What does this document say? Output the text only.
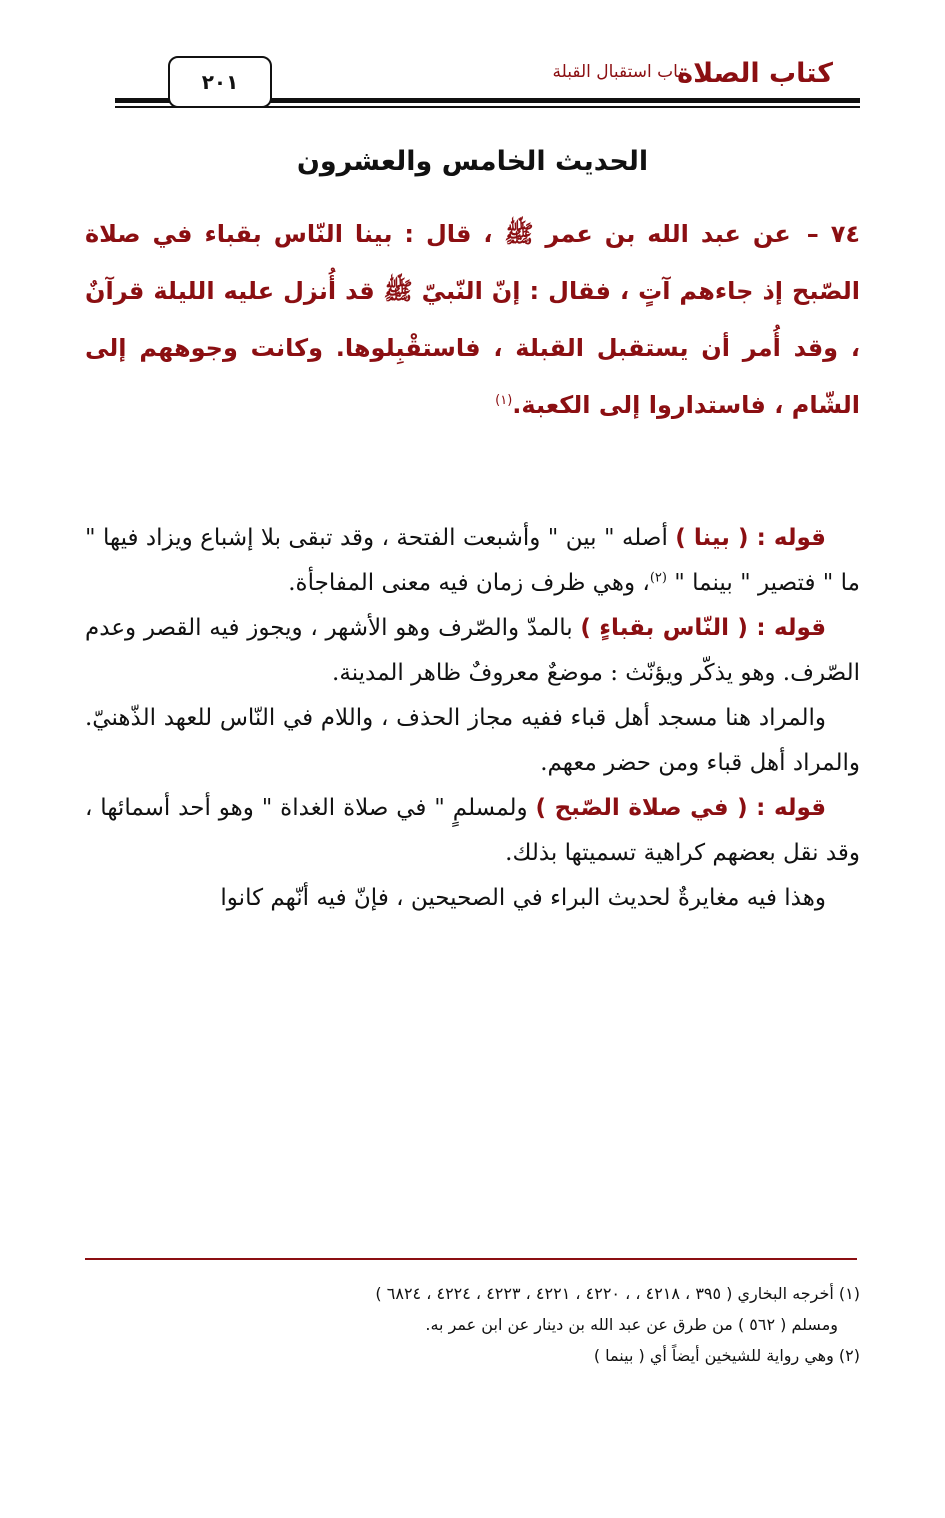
كتاب الصلاة
باب استقبال القبلة
٢٠١
الحديث الخامس والعشرون
٧٤ – عن عبد الله بن عمر ﷺ ، قال : بينا النّاس بقباء في صلاة الصّبح إذ جاءهم آتٍ ، فقال : إنّ النّبيّ ﷺ قد أُنزل عليه الليلة قرآنٌ ، وقد أُمر أن يستقبل القبلة ، فاستقْبِلوها. وكانت وجوههم إلى الشّام ، فاستداروا إلى الكعبة.$^{(١)}$

قوله : ( بينا ) أصله " بين " وأشبعت الفتحة ، وقد تبقى بلا إشباع ويزاد فيها " ما " فتصير " بينما " $^{(٢)}$، وهي ظرف زمان فيه معنى المفاجأة.

قوله : ( النّاس بقباءٍ ) بالمدّ والصّرف وهو الأشهر ، ويجوز فيه القصر وعدم الصّرف. وهو يذكّر ويؤنّث : موضعٌ معروفٌ ظاهر المدينة.

والمراد هنا مسجد أهل قباء ففيه مجاز الحذف ، واللام في النّاس للعهد الذّهنيّ. والمراد أهل قباء ومن حضر معهم.

قوله : ( في صلاة الصّبح ) ولمسلمٍ " في صلاة الغداة " وهو أحد أسمائها ، وقد نقل بعضهم كراهية تسميتها بذلك.

وهذا فيه مغايرةٌ لحديث البراء في الصحيحين ، فإنّ فيه أنّهم كانوا

(١) أخرجه البخاري ( ٣٩٥ ، ٤٢١٨ ، ، ٤٢٢٠ ، ٤٢٢١ ، ٤٢٢٣ ، ٤٢٢٤ ، ٦٨٢٤ )
ومسلم ( ٥٦٢ ) من طرق عن عبد الله بن دينار عن ابن عمر به.
(٢) وهي رواية للشيخين أيضاً أي ( بينما )
